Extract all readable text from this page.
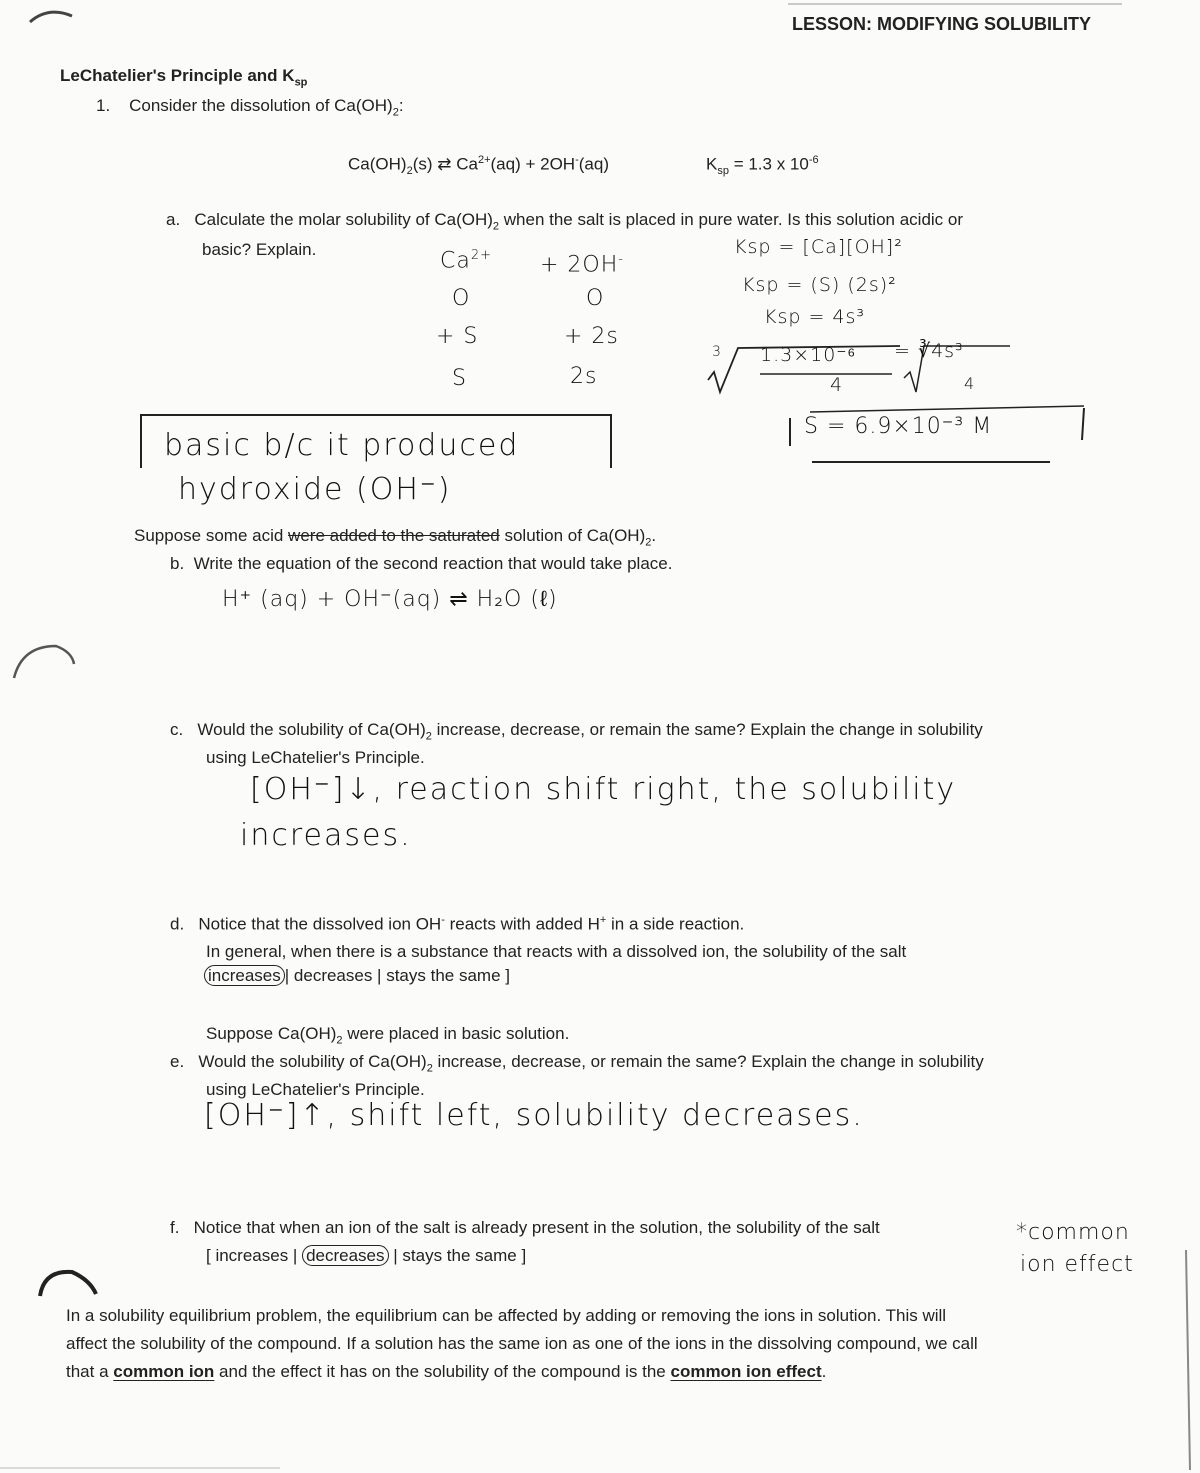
LESSON: MODIFYING SOLUBILITY
LeChatelier's Principle and $K_{sp}$
1. Consider the dissolution of $Ca(OH)_2$:
$Ca(OH)_2(s)$ ⇄ $Ca^{2+}(aq) + 2OH^-(aq)$	$K_{sp} = 1.3$ x $10^{-6}$
a. Calculate the molar solubility of $Ca(OH)_2$ when the salt is placed in pure water. Is this solution acidic or
basic? Explain.	$Ca^{2+} + 2OH^-$
O	O
+ S	+ 2s
S	2s
Ksp = [Ca][OH]²
Ksp = (S) (2s)²
Ksp = 4s³
3 1.3×10⁻⁶ = ∛4s³
4	4
S = 6.9×10⁻³ M
basic b/c it produced
hydroxide (OH⁻)
Suppose some acid were added to the saturated solution of $Ca(OH)_2$.
b. Write the equation of the second reaction that would take place.
H⁺ (aq) + OH⁻(aq) ⇌ H₂O (ℓ)
c. Would the solubility of $Ca(OH)_2$ increase, decrease, or remain the same? Explain the change in solubility
using LeChatelier's Principle.
[OH⁻]↓, reaction shift right, the solubility
increases.
d. Notice that the dissolved ion OH- reacts with added H+ in a side reaction.
In general, when there is a substance that reacts with a dissolved ion, the solubility of the salt
increases | decreases | stays the same ]
Suppose $Ca(OH)_2$ were placed in basic solution.
e. Would the solubility of $Ca(OH)_2$ increase, decrease, or remain the same? Explain the change in solubility
using LeChatelier's Principle.
[OH⁻]↑, shift left, solubility decreases.
f. Notice that when an ion of the salt is already present in the solution, the solubility of the salt
[ increases | decreases | stays the same ]
*common
ion effect
In a solubility equilibrium problem, the equilibrium can be affected by adding or removing the ions in solution. This will
affect the solubility of the compound. If a solution has the same ion as one of the ions in the dissolving compound, we call
that a common ion and the effect it has on the solubility of the compound is the common ion effect.
